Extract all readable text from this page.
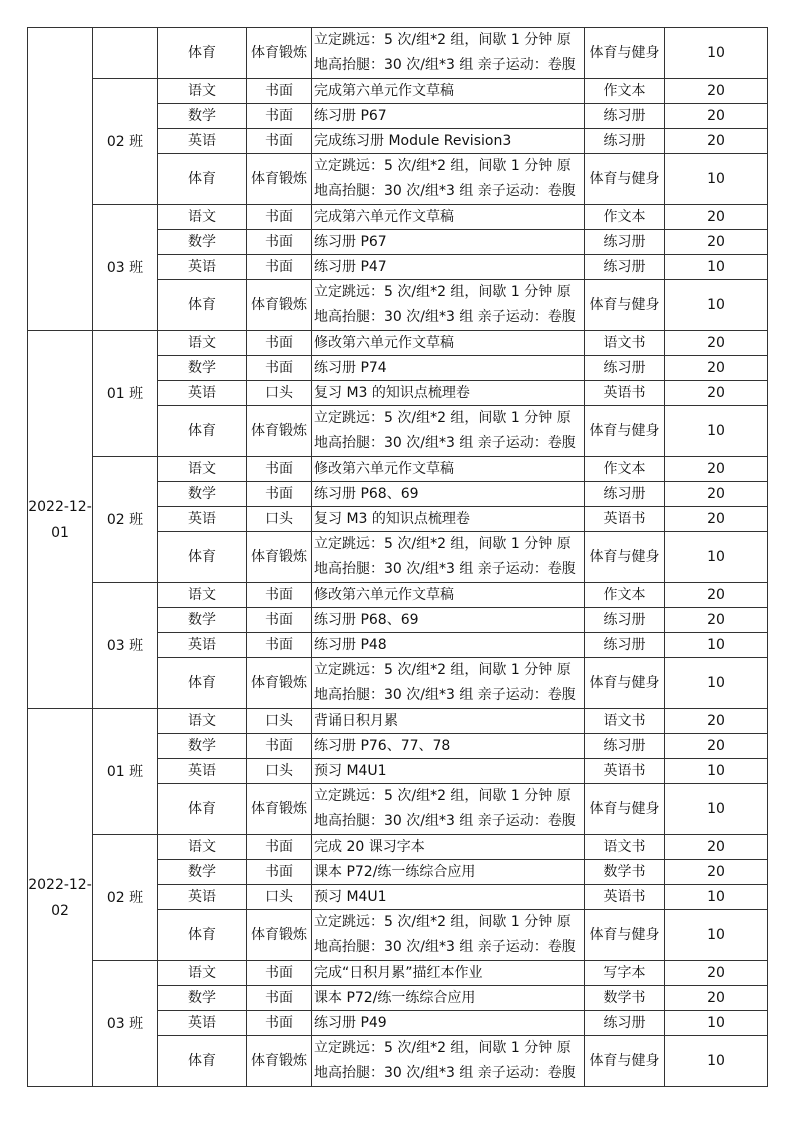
		体育	体育锻炼	立定跳远：5 次/组*2 组，间歇 1 分钟 原
地高抬腿：30 次/组*3 组 亲子运动：卷腹	体育与健身	10
	02 班	语文	书面	完成第六单元作文草稿	作文本	20
		数学	书面	练习册 P67	练习册	20
		英语	书面	完成练习册 Module Revision3	练习册	20
		体育	体育锻炼	立定跳远：5 次/组*2 组，间歇 1 分钟 原
地高抬腿：30 次/组*3 组 亲子运动：卷腹	体育与健身	10
	03 班	语文	书面	完成第六单元作文草稿	作文本	20
		数学	书面	练习册 P67	练习册	20
		英语	书面	练习册 P47	练习册	10
		体育	体育锻炼	立定跳远：5 次/组*2 组，间歇 1 分钟 原
地高抬腿：30 次/组*3 组 亲子运动：卷腹	体育与健身	10

2022-12-
01	01 班	语文	书面	修改第六单元作文草稿	语文书	20
		数学	书面	练习册 P74	练习册	20
		英语	口头	复习 M3 的知识点梳理卷	英语书	20
		体育	体育锻炼	立定跳远：5 次/组*2 组，间歇 1 分钟 原
地高抬腿：30 次/组*3 组 亲子运动：卷腹	体育与健身	10
	02 班	语文	书面	修改第六单元作文草稿	作文本	20
		数学	书面	练习册 P68、69	练习册	20
		英语	口头	复习 M3 的知识点梳理卷	英语书	20
		体育	体育锻炼	立定跳远：5 次/组*2 组，间歇 1 分钟 原
地高抬腿：30 次/组*3 组 亲子运动：卷腹	体育与健身	10
	03 班	语文	书面	修改第六单元作文草稿	作文本	20
		数学	书面	练习册 P68、69	练习册	20
		英语	书面	练习册 P48	练习册	10
		体育	体育锻炼	立定跳远：5 次/组*2 组，间歇 1 分钟 原
地高抬腿：30 次/组*3 组 亲子运动：卷腹	体育与健身	10

2022-12-
02	01 班	语文	口头	背诵日积月累	语文书	20
		数学	书面	练习册 P76、77、78	练习册	20
		英语	口头	预习 M4U1	英语书	10
		体育	体育锻炼	立定跳远：5 次/组*2 组，间歇 1 分钟 原
地高抬腿：30 次/组*3 组 亲子运动：卷腹	体育与健身	10
	02 班	语文	书面	完成 20 课习字本	语文书	20
		数学	书面	课本 P72/练一练综合应用	数学书	20
		英语	口头	预习 M4U1	英语书	10
		体育	体育锻炼	立定跳远：5 次/组*2 组，间歇 1 分钟 原
地高抬腿：30 次/组*3 组 亲子运动：卷腹	体育与健身	10
	03 班	语文	书面	完成“日积月累”描红本作业	写字本	20
		数学	书面	课本 P72/练一练综合应用	数学书	20
		英语	书面	练习册 P49	练习册	10
		体育	体育锻炼	立定跳远：5 次/组*2 组，间歇 1 分钟 原
地高抬腿：30 次/组*3 组 亲子运动：卷腹	体育与健身	10
